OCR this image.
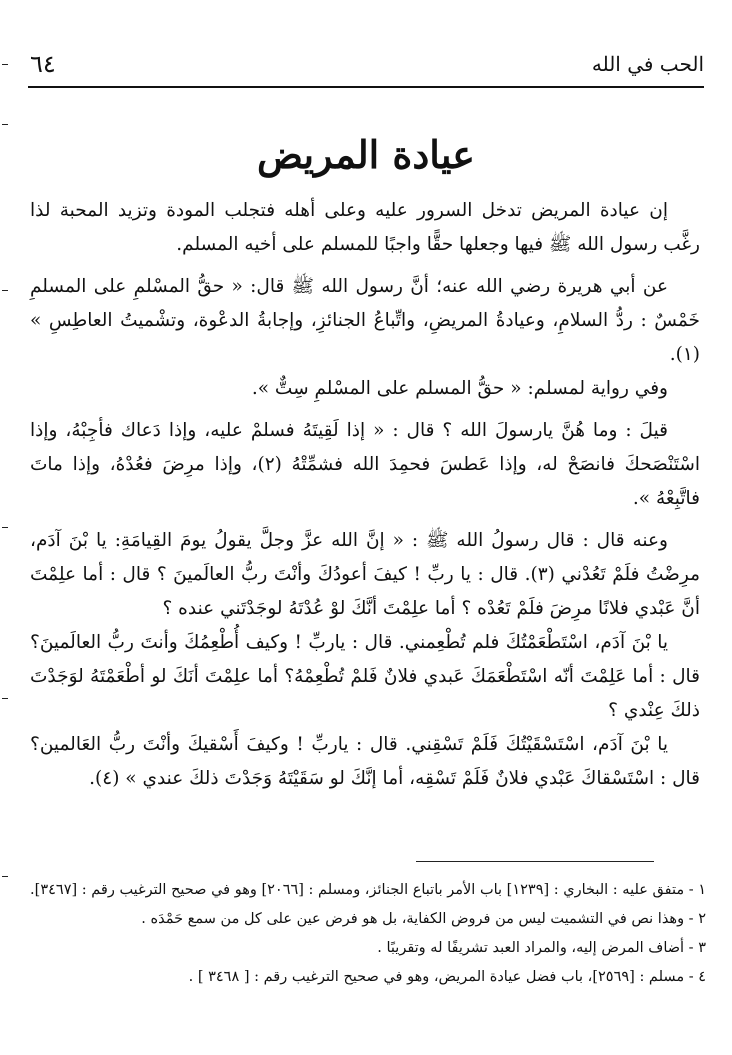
الحب في الله
٦٤
عيادة المريض

إن عيادة المريض تدخل السرور عليه وعلى أهله فتجلب المودة وتزيد المحبة لذا رغَّب رسول الله ﷺ فيها وجعلها حقًّا واجبًا للمسلم على أخيه المسلم.

عن أبي هريرة رضي الله عنه؛ أنَّ رسول الله ﷺ قال: « حقُّ المسْلمِ على المسلمِ خَمْسٌ : ردُّ السلامِ، وعيادةُ المريضِ، واتِّباعُ الجنائزِ، وإجابةُ الدعْوة، وتشْميتُ العاطِسِ » (١).

وفي رواية لمسلم: « حقُّ المسلم على المسْلمِ سِتٌّ ».

قيلَ : وما هُنَّ يارسولَ الله ؟ قال : « إذا لَقِيتَهُ فسلمْ عليه، وإذا دَعاك فأجِبْهُ، وإذا اسْتَنْصَحكَ فانصَحْ له، وإذا عَطسَ فحمِدَ الله فشمِّتْهُ (٢)، وإذا مرِضَ فعُدْهُ، وإذا ماتَ فاتَّبِعْهُ ».

وعنه قال : قال رسولُ الله ﷺ : « إنَّ الله عزَّ وجلَّ يقولُ يومَ القِيامَةِ: يا بْنَ آدَم، مرِضْتُ فلَمْ تَعُدْني (٣). قال : يا ربِّ ! كيفَ أعودُكَ وأنْتَ ربُّ العالَمينَ ؟ قال : أما علِمْتَ أنَّ عَبْدي فلانًا مرِضَ فلَمْ تَعُدْه ؟ أما علِمْتَ أنَّكَ لوْ عُدْتَهُ لوجَدْتَني عنده ؟

يا بْنَ آدَم، اسْتَطْعَمْتُكَ فلم تُطْعِمني. قال : ياربِّ ! وكيف أُطْعِمُكَ وأنتَ ربُّ العالَمينَ؟ قال : أما عَلِمْتَ أنّه اسْتَطْعَمَكَ عَبدي فلانٌ فَلمْ تُطْعِمْهُ؟ أما علِمْتَ أنَكَ لو أطْعَمْتَهُ لوَجَدْتَ ذلكَ عِنْدي ؟

يا بْنَ آدَم، اسْتَسْقَيْتُكَ فَلَمْ تَسْقِني. قال : ياربِّ ! وكيفَ أَسْقيكَ وأنْتَ ربُّ العَالمين؟ قال : اسْتَسْقاكَ عَبْدي فلانٌ فَلَمْ تَسْقِه، أما إنَّكَ لو سَقَيْتَهُ وَجَدْتَ ذلكَ عندي » (٤).

١ - متفق عليه : البخاري : [١٢٣٩] باب الأمر باتباع الجنائز، ومسلم : [٢٠٦٦] وهو في صحيح الترغيب رقم : [٣٤٦٧].

٢ - وهذا نص في التشميت ليس من فروض الكفاية، بل هو فرض عين على كل من سمع حَمْدَه .

٣ - أضاف المرض إليه، والمراد العبد تشريفًا له وتقريبًا .

٤ - مسلم : [٢٥٦٩]، باب فضل عيادة المريض، وهو في صحيح الترغيب رقم : [ ٣٤٦٨ ] .
